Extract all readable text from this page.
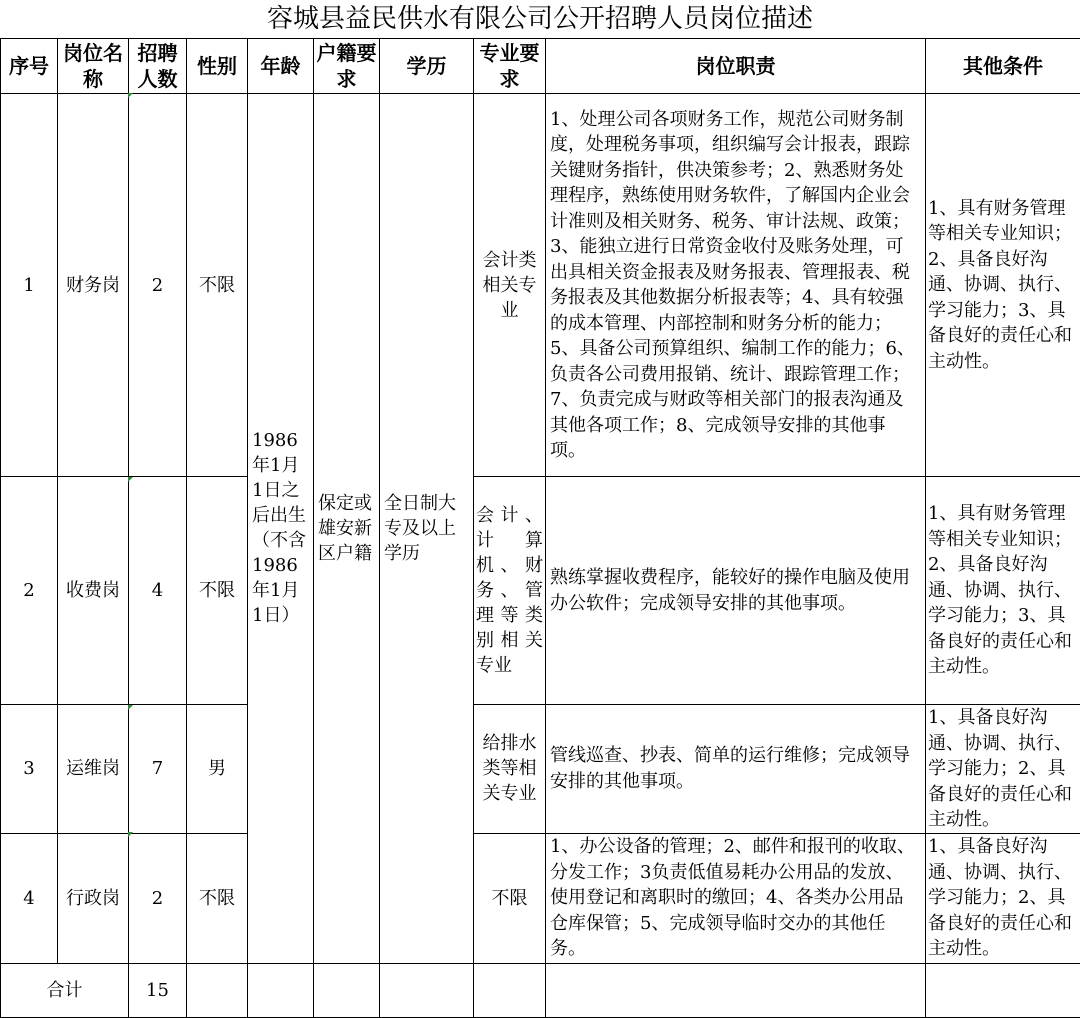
容城县益民供水有限公司公开招聘人员岗位描述
序号	岗位名称	招聘人数	性别	年龄	户籍要求	学历	专业要求	岗位职责	其他条件
1	财务岗	2	不限	1986年1月1日之后出生（不含1986年1月1日）	保定或雄安新区户籍	全日制大专及以上学历	会计类相关专业	1、处理公司各项财务工作，规范公司财务制度，处理税务事项，组织编写会计报表，跟踪关键财务指针，供决策参考；2、熟悉财务处理程序，熟练使用财务软件，了解国内企业会计准则及相关财务、税务、审计法规、政策；3、能独立进行日常资金收付及账务处理，可出具相关资金报表及财务报表、管理报表、税务报表及其他数据分析报表等；4、具有较强的成本管理、内部控制和财务分析的能力；5、具备公司预算组织、编制工作的能力；6、负责各公司费用报销、统计、跟踪管理工作；7、负责完成与财政等相关部门的报表沟通及其他各项工作；8、完成领导安排的其他事项。	1、具有财务管理等相关专业知识；2、具备良好沟通、协调、执行、学习能力；3、具备良好的责任心和主动性。
2	收费岗	4	不限				会计、计算机、财务、管理等类别相关专业	熟练掌握收费程序，能较好的操作电脑及使用办公软件；完成领导安排的其他事项。	1、具有财务管理等相关专业知识； 2、具备良好沟通、协调、执行、学习能力；3、具备良好的责任心和主动性。
3	运维岗	7	男				给排水类等相关专业	管线巡查、抄表、简单的运行维修；完成领导安排的其他事项。	1、具备良好沟通、协调、执行、学习能力；2、具备良好的责任心和主动性。
4	行政岗	2	不限				不限	1、办公设备的管理；2、邮件和报刊的收取、分发工作；3负责低值易耗办公用品的发放、使用登记和离职时的缴回；4、各类办公用品仓库保管；5、完成领导临时交办的其他任务。	1、具备良好沟通、协调、执行、学习能力；2、具备良好的责任心和主动性。
合计		15							
